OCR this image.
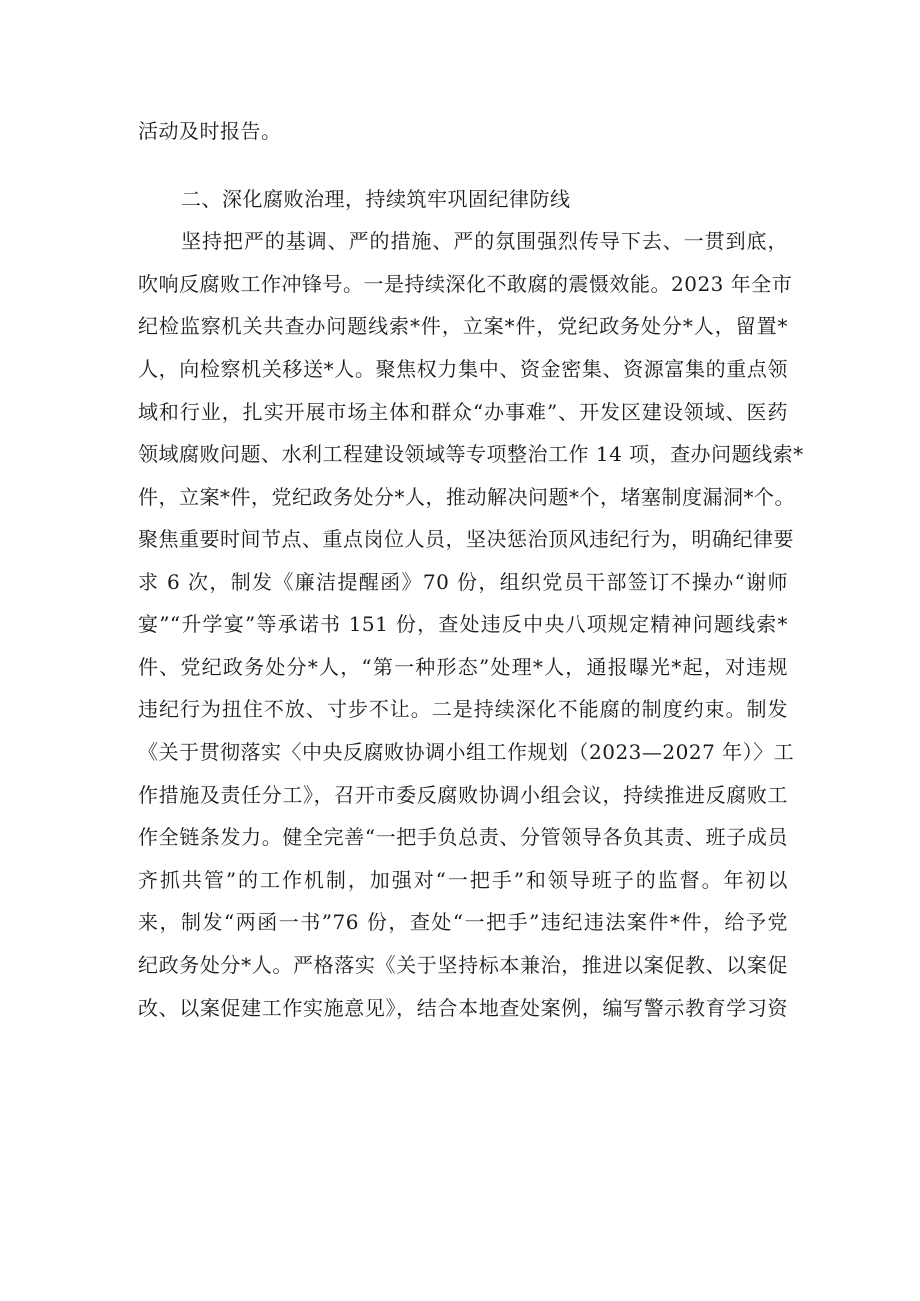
活动及时报告。
二、深化腐败治理，持续筑牢巩固纪律防线
坚持把严的基调、严的措施、严的氛围强烈传导下去、一贯到底，
吹响反腐败工作冲锋号。一是持续深化不敢腐的震慑效能。2023 年全市
纪检监察机关共查办问题线索*件，立案*件，党纪政务处分*人，留置*
人，向检察机关移送*人。聚焦权力集中、资金密集、资源富集的重点领
域和行业，扎实开展市场主体和群众“办事难”、开发区建设领域、医药
领域腐败问题、水利工程建设领域等专项整治工作 14 项，查办问题线索*
件，立案*件，党纪政务处分*人，推动解决问题*个，堵塞制度漏洞*个。
聚焦重要时间节点、重点岗位人员，坚决惩治顶风违纪行为，明确纪律要
求 6 次，制发《廉洁提醒函》70 份，组织党员干部签订不操办“谢师
宴”“升学宴”等承诺书 151 份，查处违反中央八项规定精神问题线索*
件、党纪政务处分*人，“第一种形态”处理*人，通报曝光*起，对违规
违纪行为扭住不放、寸步不让。二是持续深化不能腐的制度约束。制发
《关于贯彻落实〈中央反腐败协调小组工作规划（2023—2027 年）〉工
作措施及责任分工》，召开市委反腐败协调小组会议，持续推进反腐败工
作全链条发力。健全完善“一把手负总责、分管领导各负其责、班子成员
齐抓共管”的工作机制，加强对“一把手”和领导班子的监督。年初以
来，制发“两函一书”76 份，查处“一把手”违纪违法案件*件，给予党
纪政务处分*人。严格落实《关于坚持标本兼治，推进以案促教、以案促
改、以案促建工作实施意见》，结合本地查处案例，编写警示教育学习资
